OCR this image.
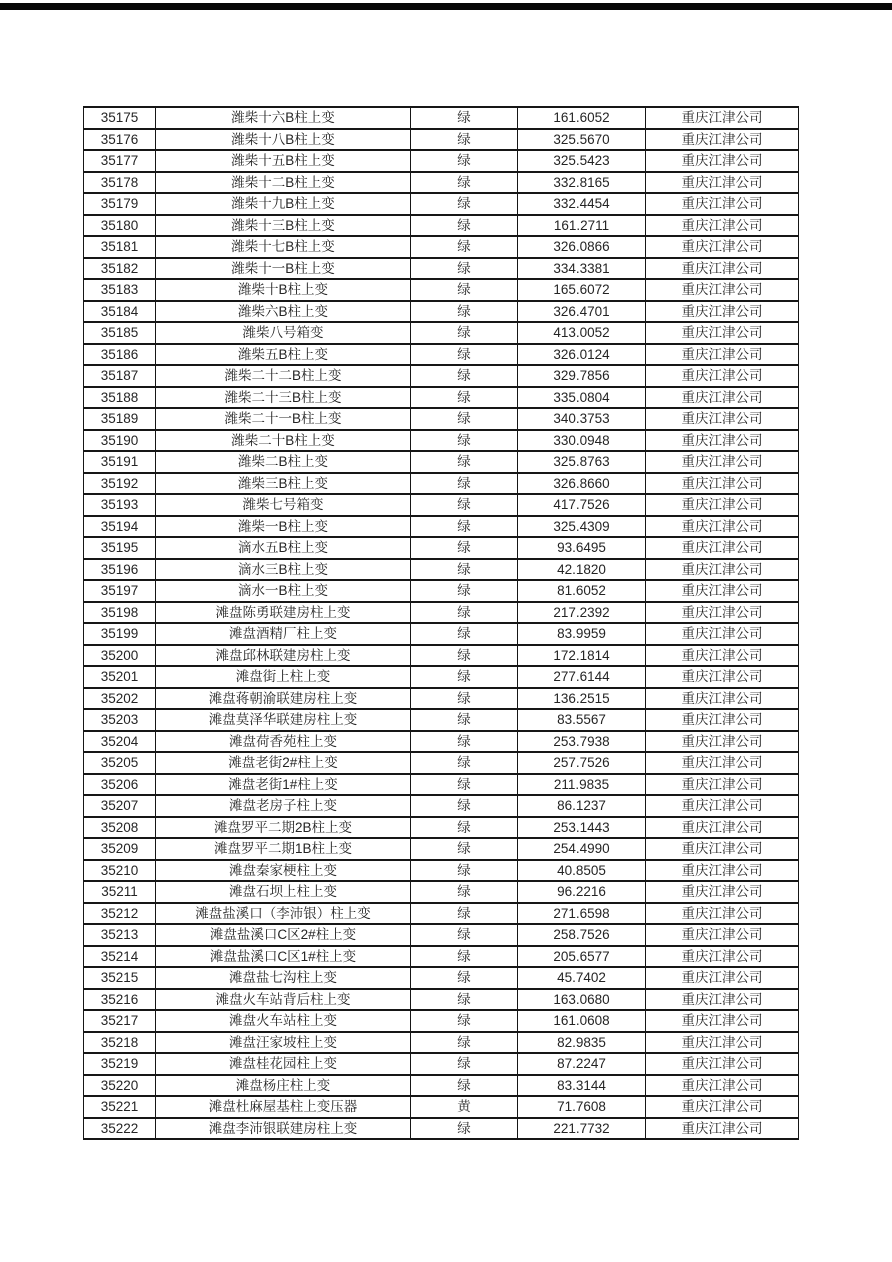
35175	潍柴十六B柱上变	绿	161.6052	重庆江津公司
35176	潍柴十八B柱上变	绿	325.5670	重庆江津公司
35177	潍柴十五B柱上变	绿	325.5423	重庆江津公司
35178	潍柴十二B柱上变	绿	332.8165	重庆江津公司
35179	潍柴十九B柱上变	绿	332.4454	重庆江津公司
35180	潍柴十三B柱上变	绿	161.2711	重庆江津公司
35181	潍柴十七B柱上变	绿	326.0866	重庆江津公司
35182	潍柴十一B柱上变	绿	334.3381	重庆江津公司
35183	潍柴十B柱上变	绿	165.6072	重庆江津公司
35184	潍柴六B柱上变	绿	326.4701	重庆江津公司
35185	潍柴八号箱变	绿	413.0052	重庆江津公司
35186	潍柴五B柱上变	绿	326.0124	重庆江津公司
35187	潍柴二十二B柱上变	绿	329.7856	重庆江津公司
35188	潍柴二十三B柱上变	绿	335.0804	重庆江津公司
35189	潍柴二十一B柱上变	绿	340.3753	重庆江津公司
35190	潍柴二十B柱上变	绿	330.0948	重庆江津公司
35191	潍柴二B柱上变	绿	325.8763	重庆江津公司
35192	潍柴三B柱上变	绿	326.8660	重庆江津公司
35193	潍柴七号箱变	绿	417.7526	重庆江津公司
35194	潍柴一B柱上变	绿	325.4309	重庆江津公司
35195	滴水五B柱上变	绿	93.6495	重庆江津公司
35196	滴水三B柱上变	绿	42.1820	重庆江津公司
35197	滴水一B柱上变	绿	81.6052	重庆江津公司
35198	滩盘陈勇联建房柱上变	绿	217.2392	重庆江津公司
35199	滩盘酒精厂柱上变	绿	83.9959	重庆江津公司
35200	滩盘邱林联建房柱上变	绿	172.1814	重庆江津公司
35201	滩盘街上柱上变	绿	277.6144	重庆江津公司
35202	滩盘蒋朝渝联建房柱上变	绿	136.2515	重庆江津公司
35203	滩盘莫泽华联建房柱上变	绿	83.5567	重庆江津公司
35204	滩盘荷香苑柱上变	绿	253.7938	重庆江津公司
35205	滩盘老街2#柱上变	绿	257.7526	重庆江津公司
35206	滩盘老街1#柱上变	绿	211.9835	重庆江津公司
35207	滩盘老房子柱上变	绿	86.1237	重庆江津公司
35208	滩盘罗平二期2B柱上变	绿	253.1443	重庆江津公司
35209	滩盘罗平二期1B柱上变	绿	254.4990	重庆江津公司
35210	滩盘秦家梗柱上变	绿	40.8505	重庆江津公司
35211	滩盘石坝上柱上变	绿	96.2216	重庆江津公司
35212	滩盘盐溪口（李沛银）柱上变	绿	271.6598	重庆江津公司
35213	滩盘盐溪口C区2#柱上变	绿	258.7526	重庆江津公司
35214	滩盘盐溪口C区1#柱上变	绿	205.6577	重庆江津公司
35215	滩盘盐七沟柱上变	绿	45.7402	重庆江津公司
35216	滩盘火车站背后柱上变	绿	163.0680	重庆江津公司
35217	滩盘火车站柱上变	绿	161.0608	重庆江津公司
35218	滩盘汪家坡柱上变	绿	82.9835	重庆江津公司
35219	滩盘桂花园柱上变	绿	87.2247	重庆江津公司
35220	滩盘杨庄柱上变	绿	83.3144	重庆江津公司
35221	滩盘杜麻屋基柱上变压器	黄	71.7608	重庆江津公司
35222	滩盘李沛银联建房柱上变	绿	221.7732	重庆江津公司
